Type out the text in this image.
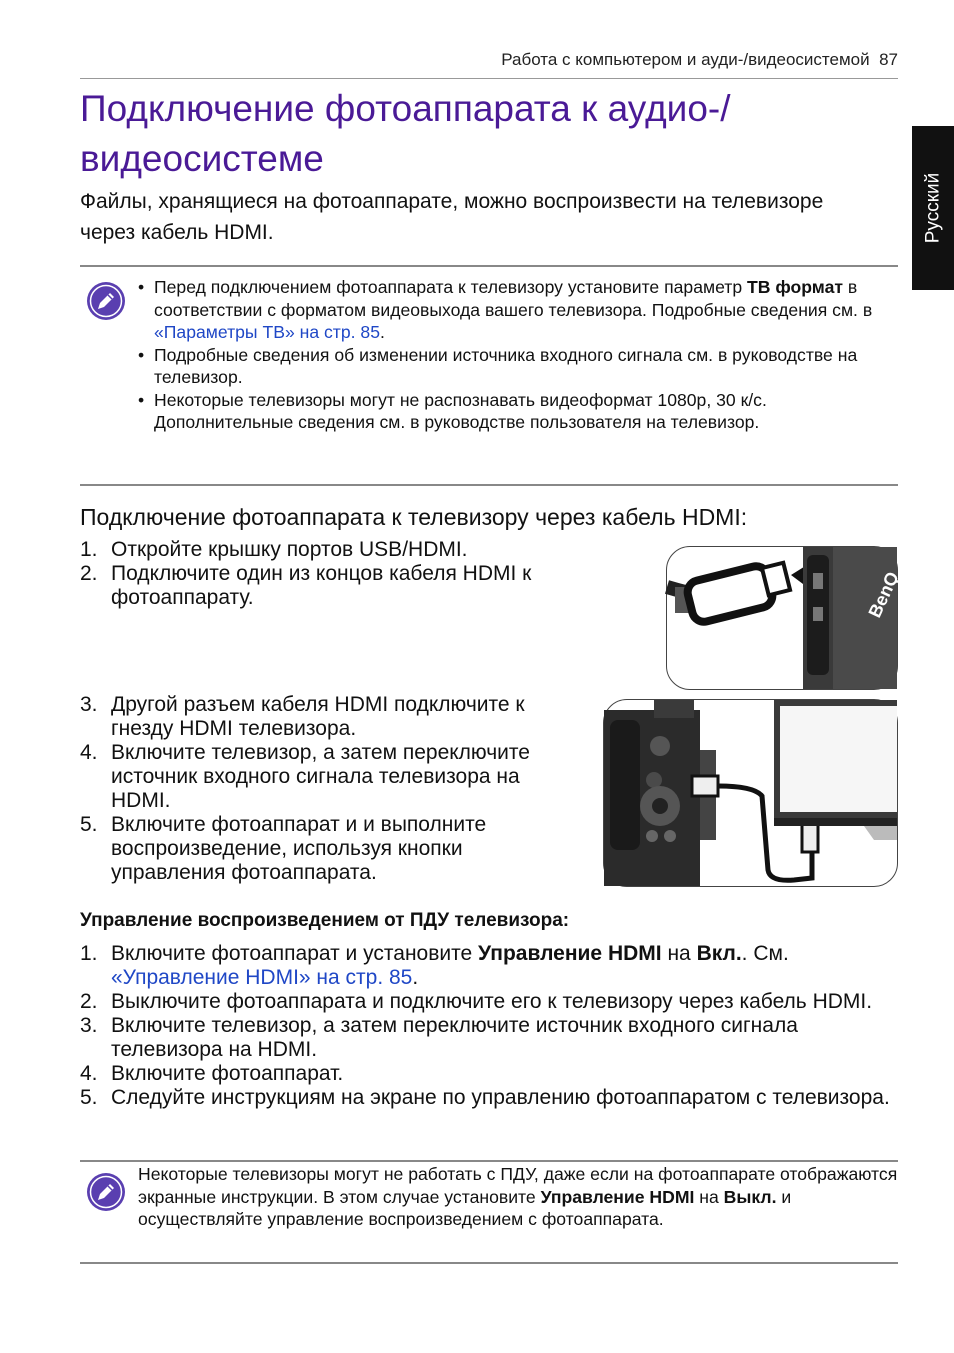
Работа с компьютером и ауди-/видеосистемой 87
Русский
Подключение фотоаппарата к аудио-/ видеосистеме

Файлы, хранящиеся на фотоаппарате, можно воспроизвести на телевизоре через кабель HDMI.

• Перед подключением фотоаппарата к телевизору установите параметр ТВ формат в соответствии с форматом видеовыхода вашего телевизора. Подробные сведения см. в «Параметры ТВ» на стр. 85.
• Подробные сведения об изменении источника входного сигнала см. в руководстве на телевизор.
• Некоторые телевизоры могут не распознавать видеоформат 1080p, 30 к/с. Дополнительные сведения см. в руководстве пользователя на телевизор.
Подключение фотоаппарата к телевизору через кабель HDMI:
1. Откройте крышку портов USB/HDMI.
2. Подключите один из концов кабеля HDMI к фотоаппарату.	BenQ
3. Другой разъем кабеля HDMI подключите к гнезду HDMI телевизора.
4. Включите телевизор, а затем переключите источник входного сигнала телевизора на HDMI.
5. Включите фотоаппарат и и выполните воспроизведение, используя кнопки управления фотоаппарата.
Управление воспроизведением от ПДУ телевизора:
1. Включите фотоаппарат и установите Управление HDMI на Вкл.. См. «Управление HDMI» на стр. 85.
2. Выключите фотоаппарата и подключите его к телевизору через кабель HDMI.
3. Включите телевизор, а затем переключите источник входного сигнала телевизора на HDMI.
4. Включите фотоаппарат.
5. Следуйте инструкциям на экране по управлению фотоаппаратом с телевизора.

Некоторые телевизоры могут не работать с ПДУ, даже если на фотоаппарате отображаются экранные инструкции. В этом случае установите Управление HDMI на Выкл. и осуществляйте управление воспроизведением с фотоаппарата.
